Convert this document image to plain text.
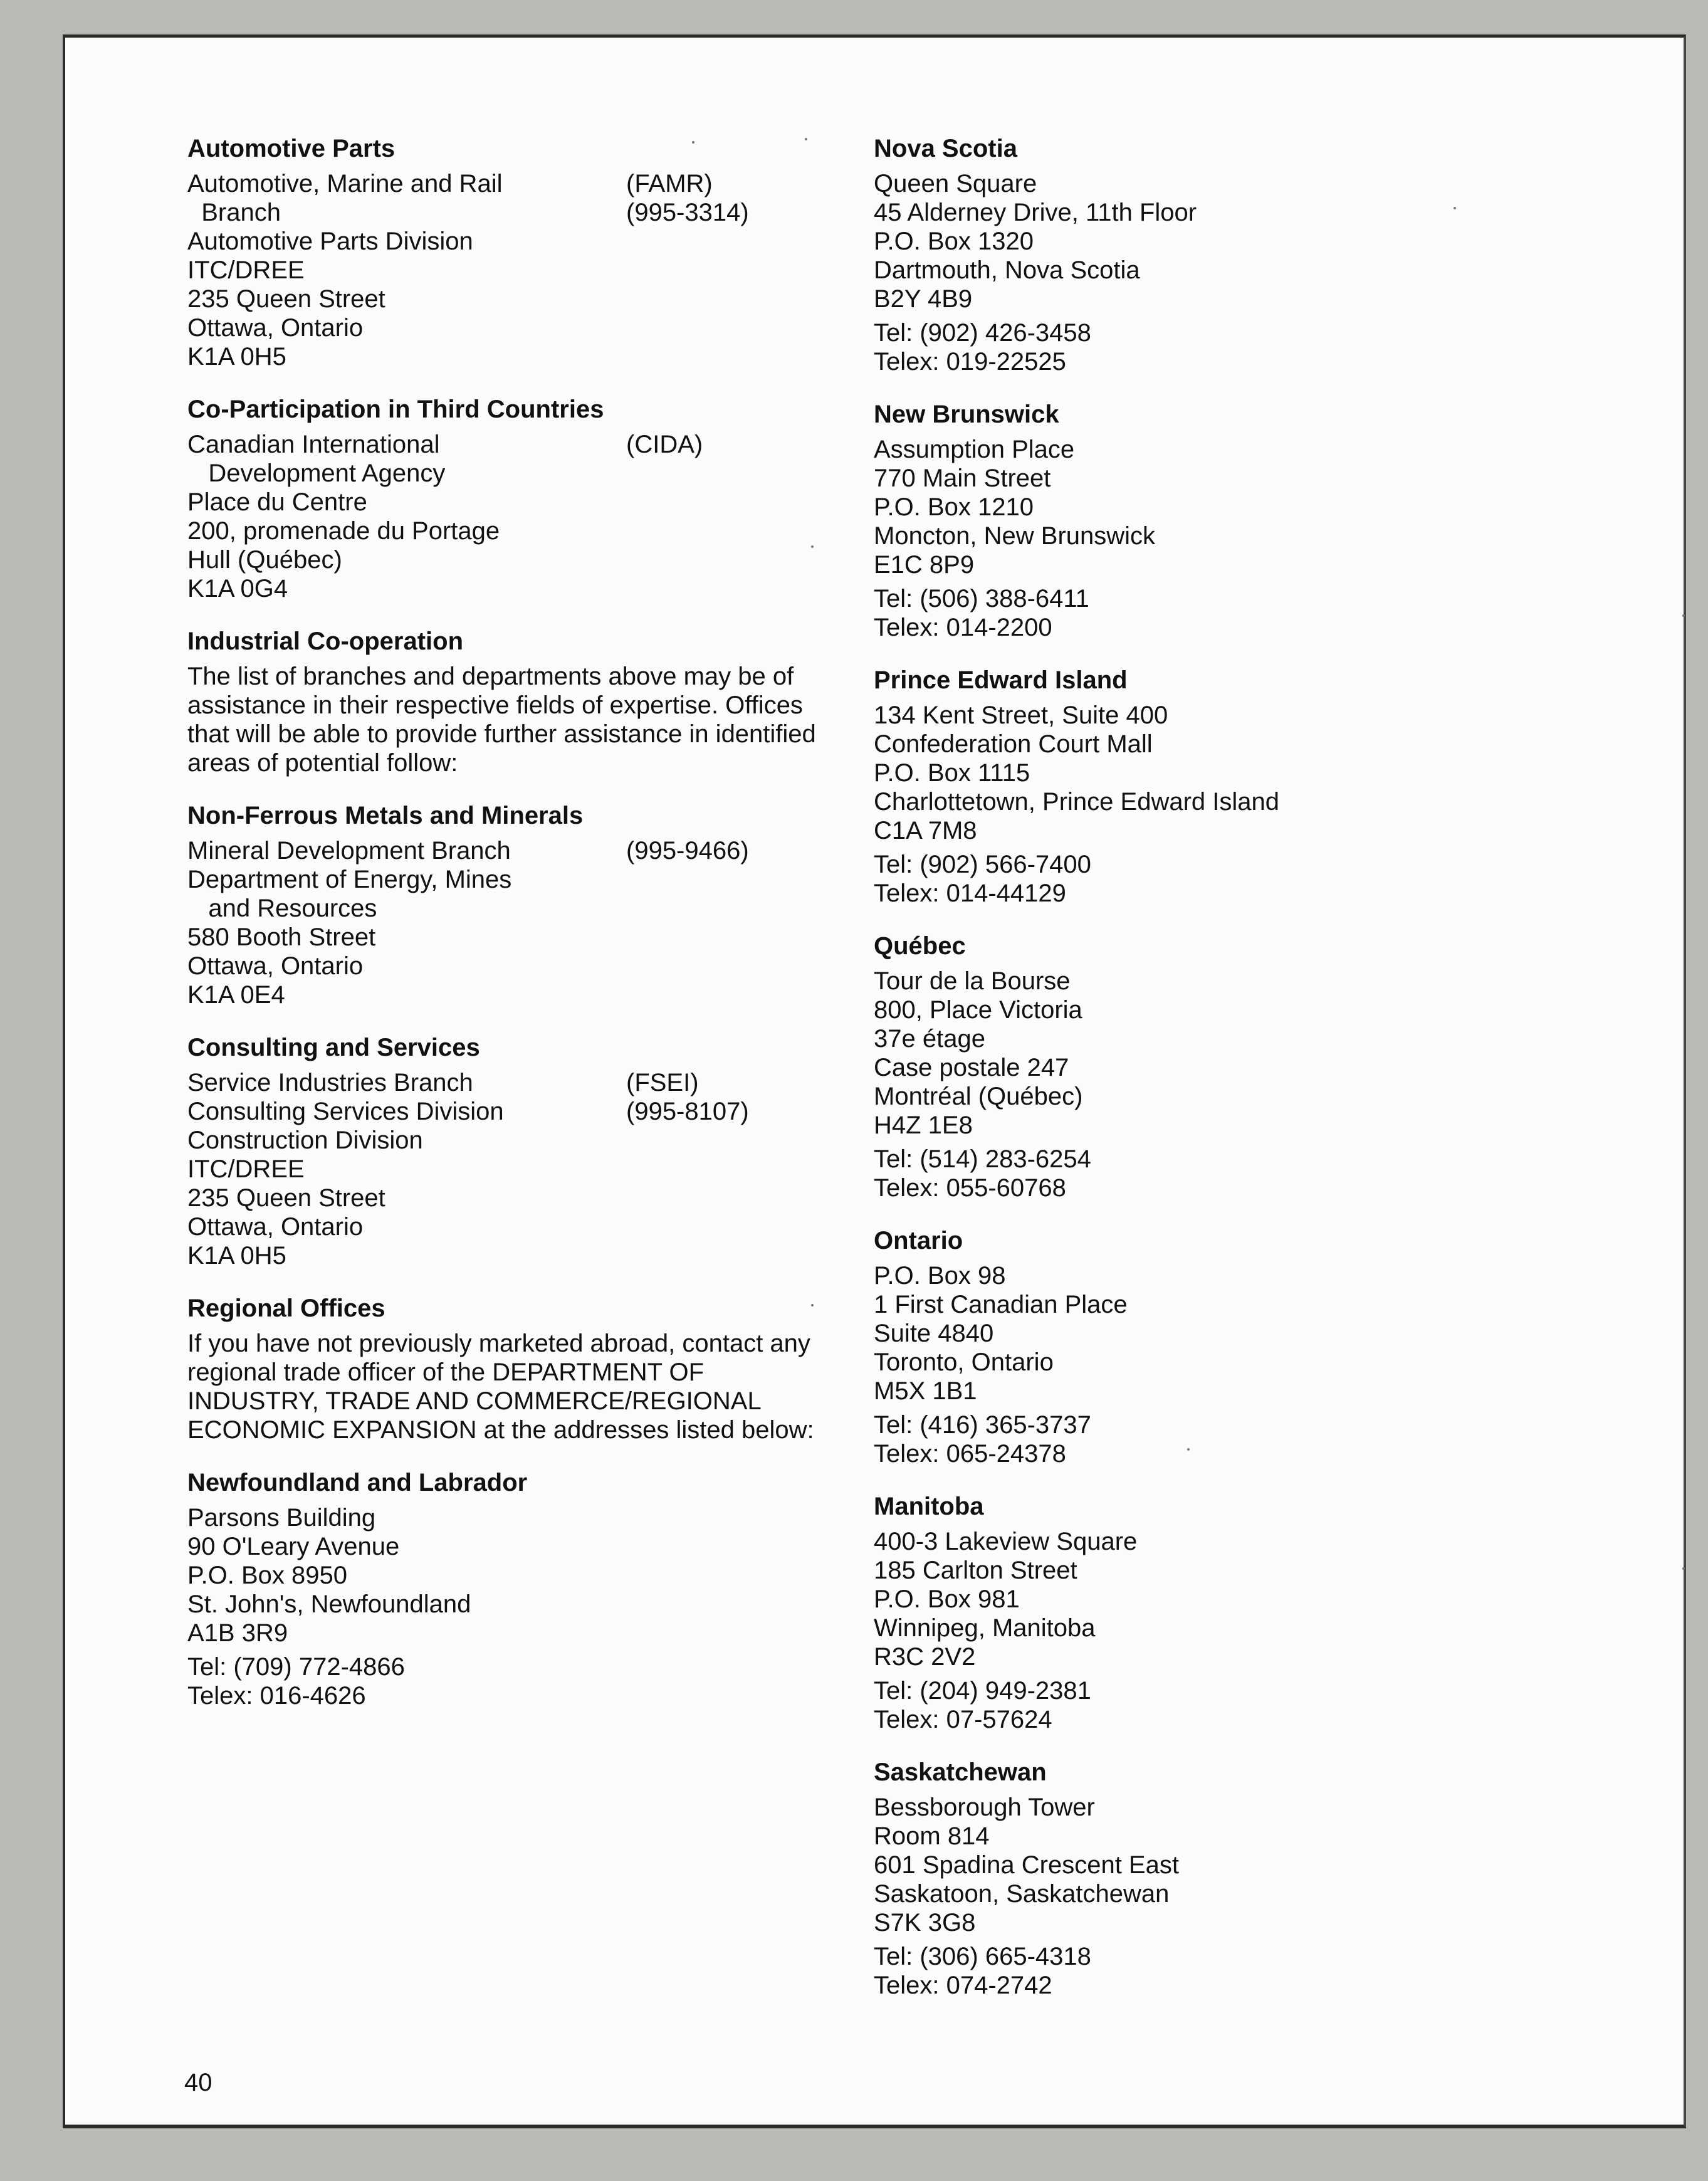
Automotive Parts
Automotive, Marine and Rail	(FAMR)
Branch	(995-3314)
Automotive Parts Division
ITC/DREE
235 Queen Street
Ottawa, Ontario
K1A 0H5
Co-Participation in Third Countries
Canadian International	(CIDA)
Development Agency
Place du Centre
200, promenade du Portage
Hull (Québec)
K1A 0G4
Industrial Co-operation
The list of branches and departments above may be of assistance in their respective fields of expertise. Offices that will be able to provide further assistance in identified areas of potential follow:
Non-Ferrous Metals and Minerals
Mineral Development Branch	(995-9466)
Department of Energy, Mines
and Resources
580 Booth Street
Ottawa, Ontario
K1A 0E4
Consulting and Services
Service Industries Branch	(FSEI)
Consulting Services Division	(995-8107)
Construction Division
ITC/DREE
235 Queen Street
Ottawa, Ontario
K1A 0H5
Regional Offices
If you have not previously marketed abroad, contact any regional trade officer of the DEPARTMENT OF INDUSTRY, TRADE AND COMMERCE/REGIONAL ECONOMIC EXPANSION at the addresses listed below:
Newfoundland and Labrador
Parsons Building
90 O'Leary Avenue
P.O. Box 8950
St. John's, Newfoundland
A1B 3R9
Tel: (709) 772-4866
Telex: 016-4626
Nova Scotia
Queen Square
45 Alderney Drive, 11th Floor
P.O. Box 1320
Dartmouth, Nova Scotia
B2Y 4B9
Tel: (902) 426-3458
Telex: 019-22525
New Brunswick
Assumption Place
770 Main Street
P.O. Box 1210
Moncton, New Brunswick
E1C 8P9
Tel: (506) 388-6411
Telex: 014-2200
Prince Edward Island
134 Kent Street, Suite 400
Confederation Court Mall
P.O. Box 1115
Charlottetown, Prince Edward Island
C1A 7M8
Tel: (902) 566-7400
Telex: 014-44129
Québec
Tour de la Bourse
800, Place Victoria
37e étage
Case postale 247
Montréal (Québec)
H4Z 1E8
Tel: (514) 283-6254
Telex: 055-60768
Ontario
P.O. Box 98
1 First Canadian Place
Suite 4840
Toronto, Ontario
M5X 1B1
Tel: (416) 365-3737
Telex: 065-24378
Manitoba
400-3 Lakeview Square
185 Carlton Street
P.O. Box 981
Winnipeg, Manitoba
R3C 2V2
Tel: (204) 949-2381
Telex: 07-57624
Saskatchewan
Bessborough Tower
Room 814
601 Spadina Crescent East
Saskatoon, Saskatchewan
S7K 3G8
Tel: (306) 665-4318
Telex: 074-2742
40
